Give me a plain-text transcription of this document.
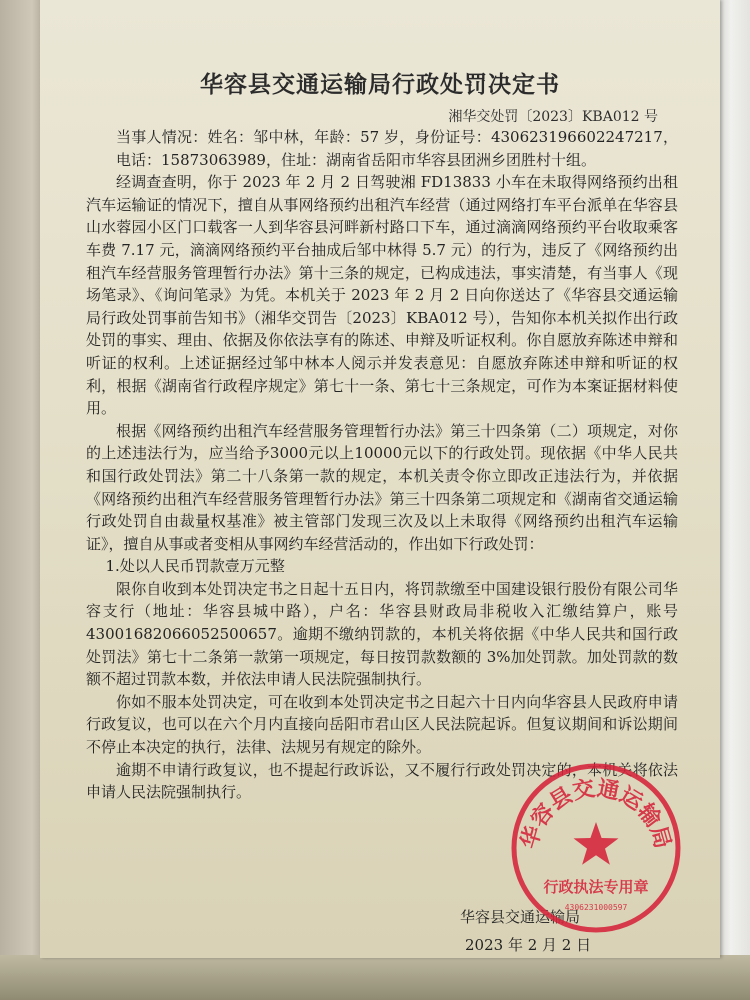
华容县交通运输局行政处罚决定书
湘华交处罚〔2023〕KBA012 号

当事人情况：姓名：邹中林，年龄：57 岁，身份证号：430623196602247217，电话：15873063989，住址：湖南省岳阳市华容县团洲乡团胜村十组。

经调查查明，你于 2023 年 2 月 2 日驾驶湘 FD13833 小车在未取得网络预约出租汽车运输证的情况下，擅自从事网络预约出租汽车经营（通过网络打车平台派单在华容县山水蓉园小区门口载客一人到华容县河畔新村路口下车，通过滴滴网络预约平台收取乘客车费 7.17 元，滴滴网络预约平台抽成后邹中林得 5.7 元）的行为，违反了《网络预约出租汽车经营服务管理暂行办法》第十三条的规定，已构成违法，事实清楚，有当事人《现场笔录》、《询问笔录》为凭。本机关于 2023 年 2 月 2 日向你送达了《华容县交通运输局行政处罚事前告知书》（湘华交罚告〔2023〕KBA012 号），告知你本机关拟作出行政处罚的事实、理由、依据及你依法享有的陈述、申辩及听证权利。你自愿放弃陈述申辩和听证的权利。上述证据经过邹中林本人阅示并发表意见：自愿放弃陈述申辩和听证的权利，根据《湖南省行政程序规定》第七十一条、第七十三条规定，可作为本案证据材料使用。

根据《网络预约出租汽车经营服务管理暂行办法》第三十四条第（二）项规定，对你的上述违法行为，应当给予3000元以上10000元以下的行政处罚。现依据《中华人民共和国行政处罚法》第二十八条第一款的规定，本机关责令你立即改正违法行为，并依据《网络预约出租汽车经营服务管理暂行办法》第三十四条第二项规定和《湖南省交通运输行政处罚自由裁量权基准》被主管部门发现三次及以上未取得《网络预约出租汽车运输证》，擅自从事或者变相从事网约车经营活动的，作出如下行政处罚：

1.处以人民币罚款壹万元整

限你自收到本处罚决定书之日起十五日内，将罚款缴至中国建设银行股份有限公司华容支行（地址：华容县城中路），户名：华容县财政局非税收入汇缴结算户，账号 43001682066052500657。逾期不缴纳罚款的，本机关将依据《中华人民共和国行政处罚法》第七十二条第一款第一项规定，每日按罚款数额的 3%加处罚款。加处罚款的数额不超过罚款本数，并依法申请人民法院强制执行。

你如不服本处罚决定，可在收到本处罚决定书之日起六十日内向华容县人民政府申请行政复议，也可以在六个月内直接向岳阳市君山区人民法院起诉。但复议期间和诉讼期间不停止本决定的执行，法律、法规另有规定的除外。

逾期不申请行政复议，也不提起行政诉讼，又不履行行政处罚决定的，本机关将依法申请人民法院强制执行。

华容县交通运输局
2023 年 2 月 2 日
华容县交通运输局
行政执法专用章
4306231000597
